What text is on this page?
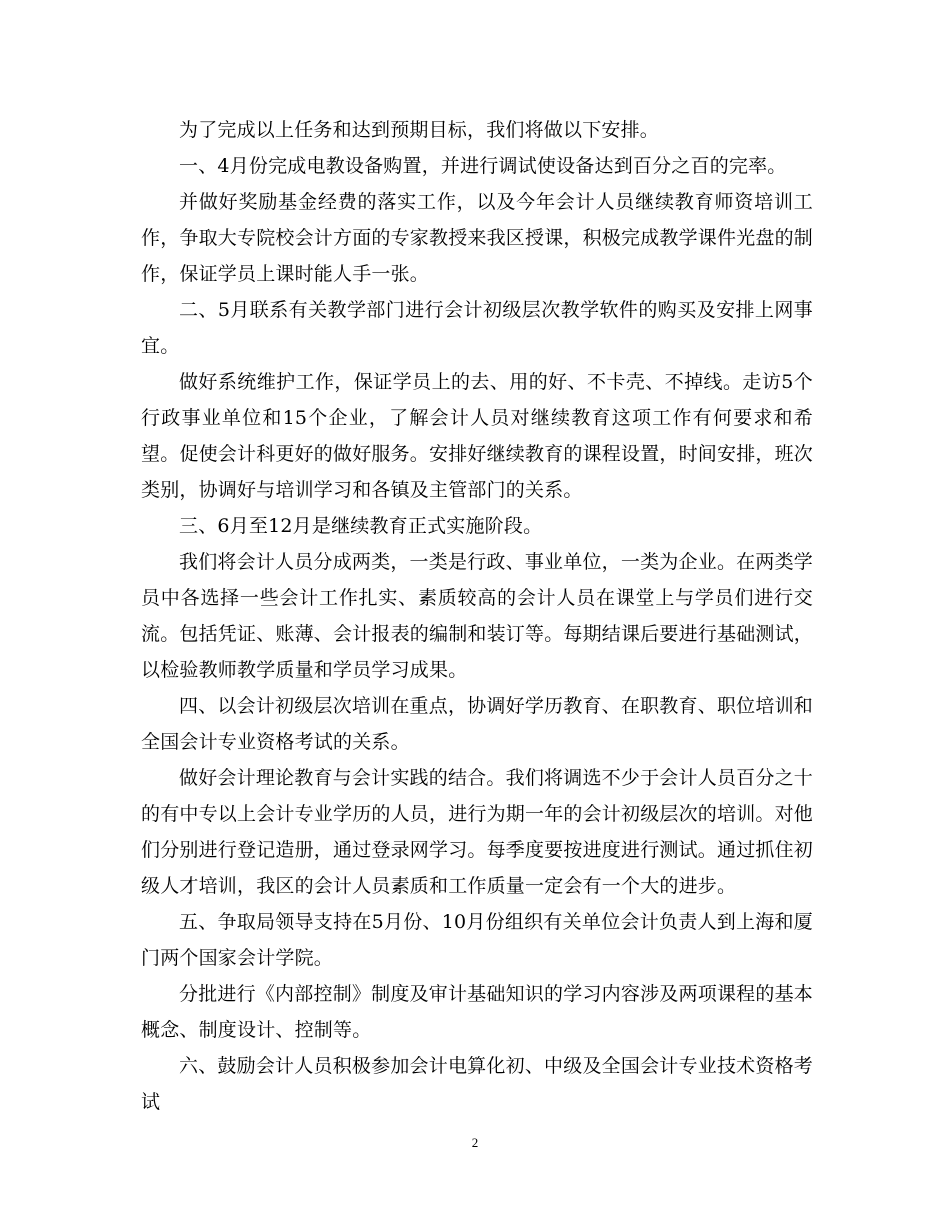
为了完成以上任务和达到预期目标，我们将做以下安排。

一、4月份完成电教设备购置，并进行调试使设备达到百分之百的完率。

并做好奖励基金经费的落实工作，以及今年会计人员继续教育师资培训工作，争取大专院校会计方面的专家教授来我区授课，积极完成教学课件光盘的制作，保证学员上课时能人手一张。

二、5月联系有关教学部门进行会计初级层次教学软件的购买及安排上网事宜。

做好系统维护工作，保证学员上的去、用的好、不卡壳、不掉线。走访5个行政事业单位和15个企业，了解会计人员对继续教育这项工作有何要求和希望。促使会计科更好的做好服务。安排好继续教育的课程设置，时间安排，班次类别，协调好与培训学习和各镇及主管部门的关系。

三、6月至12月是继续教育正式实施阶段。

我们将会计人员分成两类，一类是行政、事业单位，一类为企业。在两类学员中各选择一些会计工作扎实、素质较高的会计人员在课堂上与学员们进行交流。包括凭证、账薄、会计报表的编制和装订等。每期结课后要进行基础测试，以检验教师教学质量和学员学习成果。

四、以会计初级层次培训在重点，协调好学历教育、在职教育、职位培训和全国会计专业资格考试的关系。

做好会计理论教育与会计实践的结合。我们将调选不少于会计人员百分之十的有中专以上会计专业学历的人员，进行为期一年的会计初级层次的培训。对他们分别进行登记造册，通过登录网学习。每季度要按进度进行测试。通过抓住初级人才培训，我区的会计人员素质和工作质量一定会有一个大的进步。

五、争取局领导支持在5月份、10月份组织有关单位会计负责人到上海和厦门两个国家会计学院。

分批进行《内部控制》制度及审计基础知识的学习内容涉及两项课程的基本概念、制度设计、控制等。

六、鼓励会计人员积极参加会计电算化初、中级及全国会计专业技术资格考试

2
